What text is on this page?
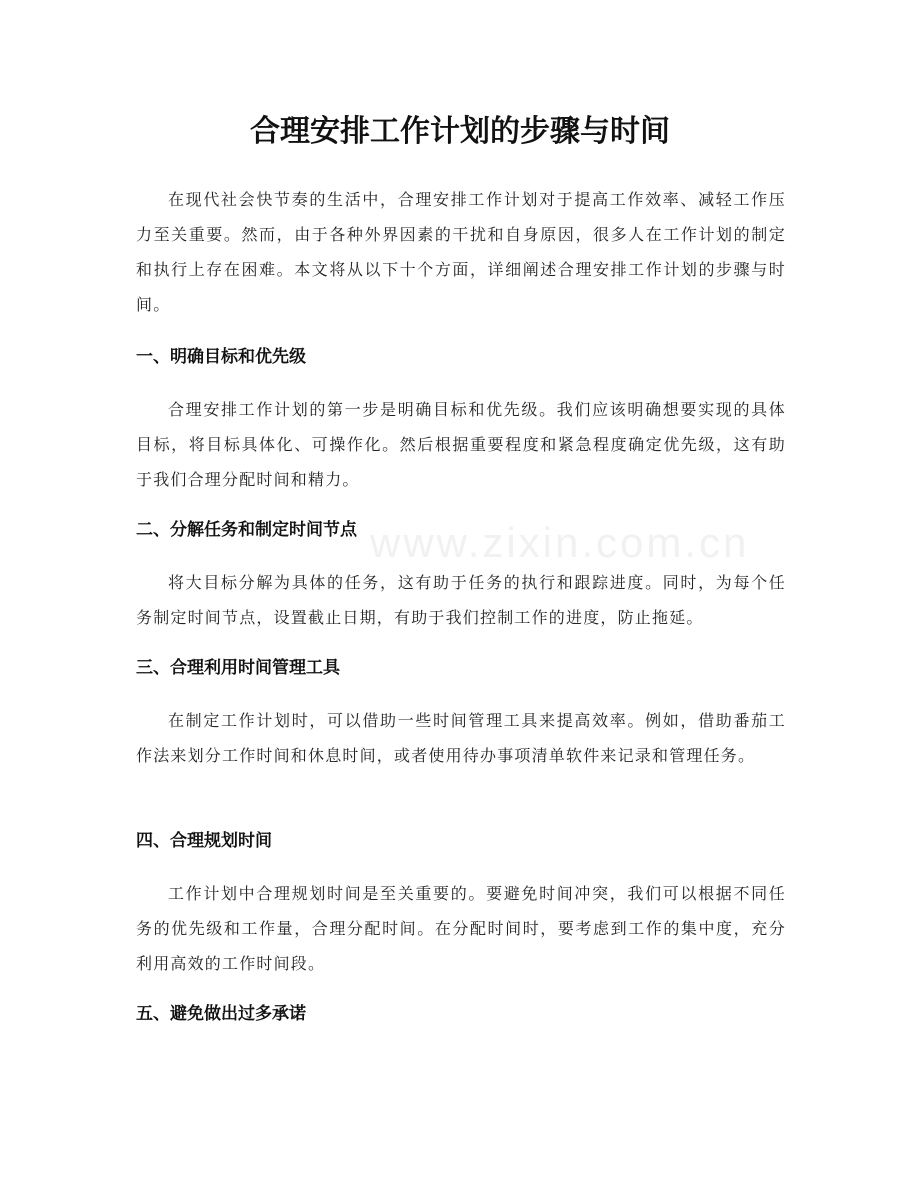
www.zixin.com.cn
合理安排工作计划的步骤与时间

在现代社会快节奏的生活中，合理安排工作计划对于提高工作效率、减轻工作压力至关重要。然而，由于各种外界因素的干扰和自身原因，很多人在工作计划的制定和执行上存在困难。本文将从以下十个方面，详细阐述合理安排工作计划的步骤与时间。

一、明确目标和优先级

合理安排工作计划的第一步是明确目标和优先级。我们应该明确想要实现的具体目标，将目标具体化、可操作化。然后根据重要程度和紧急程度确定优先级，这有助于我们合理分配时间和精力。

二、分解任务和制定时间节点

将大目标分解为具体的任务，这有助于任务的执行和跟踪进度。同时，为每个任务制定时间节点，设置截止日期，有助于我们控制工作的进度，防止拖延。

三、合理利用时间管理工具

在制定工作计划时，可以借助一些时间管理工具来提高效率。例如，借助番茄工作法来划分工作时间和休息时间，或者使用待办事项清单软件来记录和管理任务。

四、合理规划时间

工作计划中合理规划时间是至关重要的。要避免时间冲突，我们可以根据不同任务的优先级和工作量，合理分配时间。在分配时间时，要考虑到工作的集中度，充分利用高效的工作时间段。

五、避免做出过多承诺
